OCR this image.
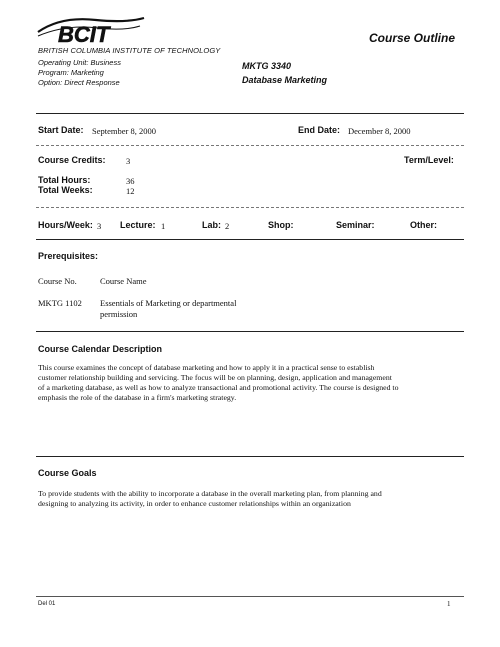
BCIT
BRITISH COLUMBIA INSTITUTE OF TECHNOLOGY
Operating Unit: Business
Program: Marketing
Option: Direct Response
Course Outline
MKTG 3340
Database Marketing
Start Date: September 8, 2000	End Date: December 8, 2000
Course Credits: 3	Term/Level:
Total Hours:	36
Total Weeks:	12
Hours/Week: 3 Lecture: 1	Lab: 2	Shop:	Seminar:	Other:
Prerequisites:
Course No.	Course Name
MKTG 1102 Essentials of Marketing or departmental
permission
Course Calendar Description
This course examines the concept of database marketing and how to apply it in a practical sense to establish
customer relationship building and servicing. The focus will be on planning, design, application and management
of a marketing database, as well as how to analyze transactional and promotional activity. The course is designed to
emphasis the role of the database in a firm's marketing strategy.
Course Goals
To provide students with the ability to incorporate a database in the overall marketing plan, from planning and
designing to analyzing its activity, in order to enhance customer relationships within an organization
Del 01	1
